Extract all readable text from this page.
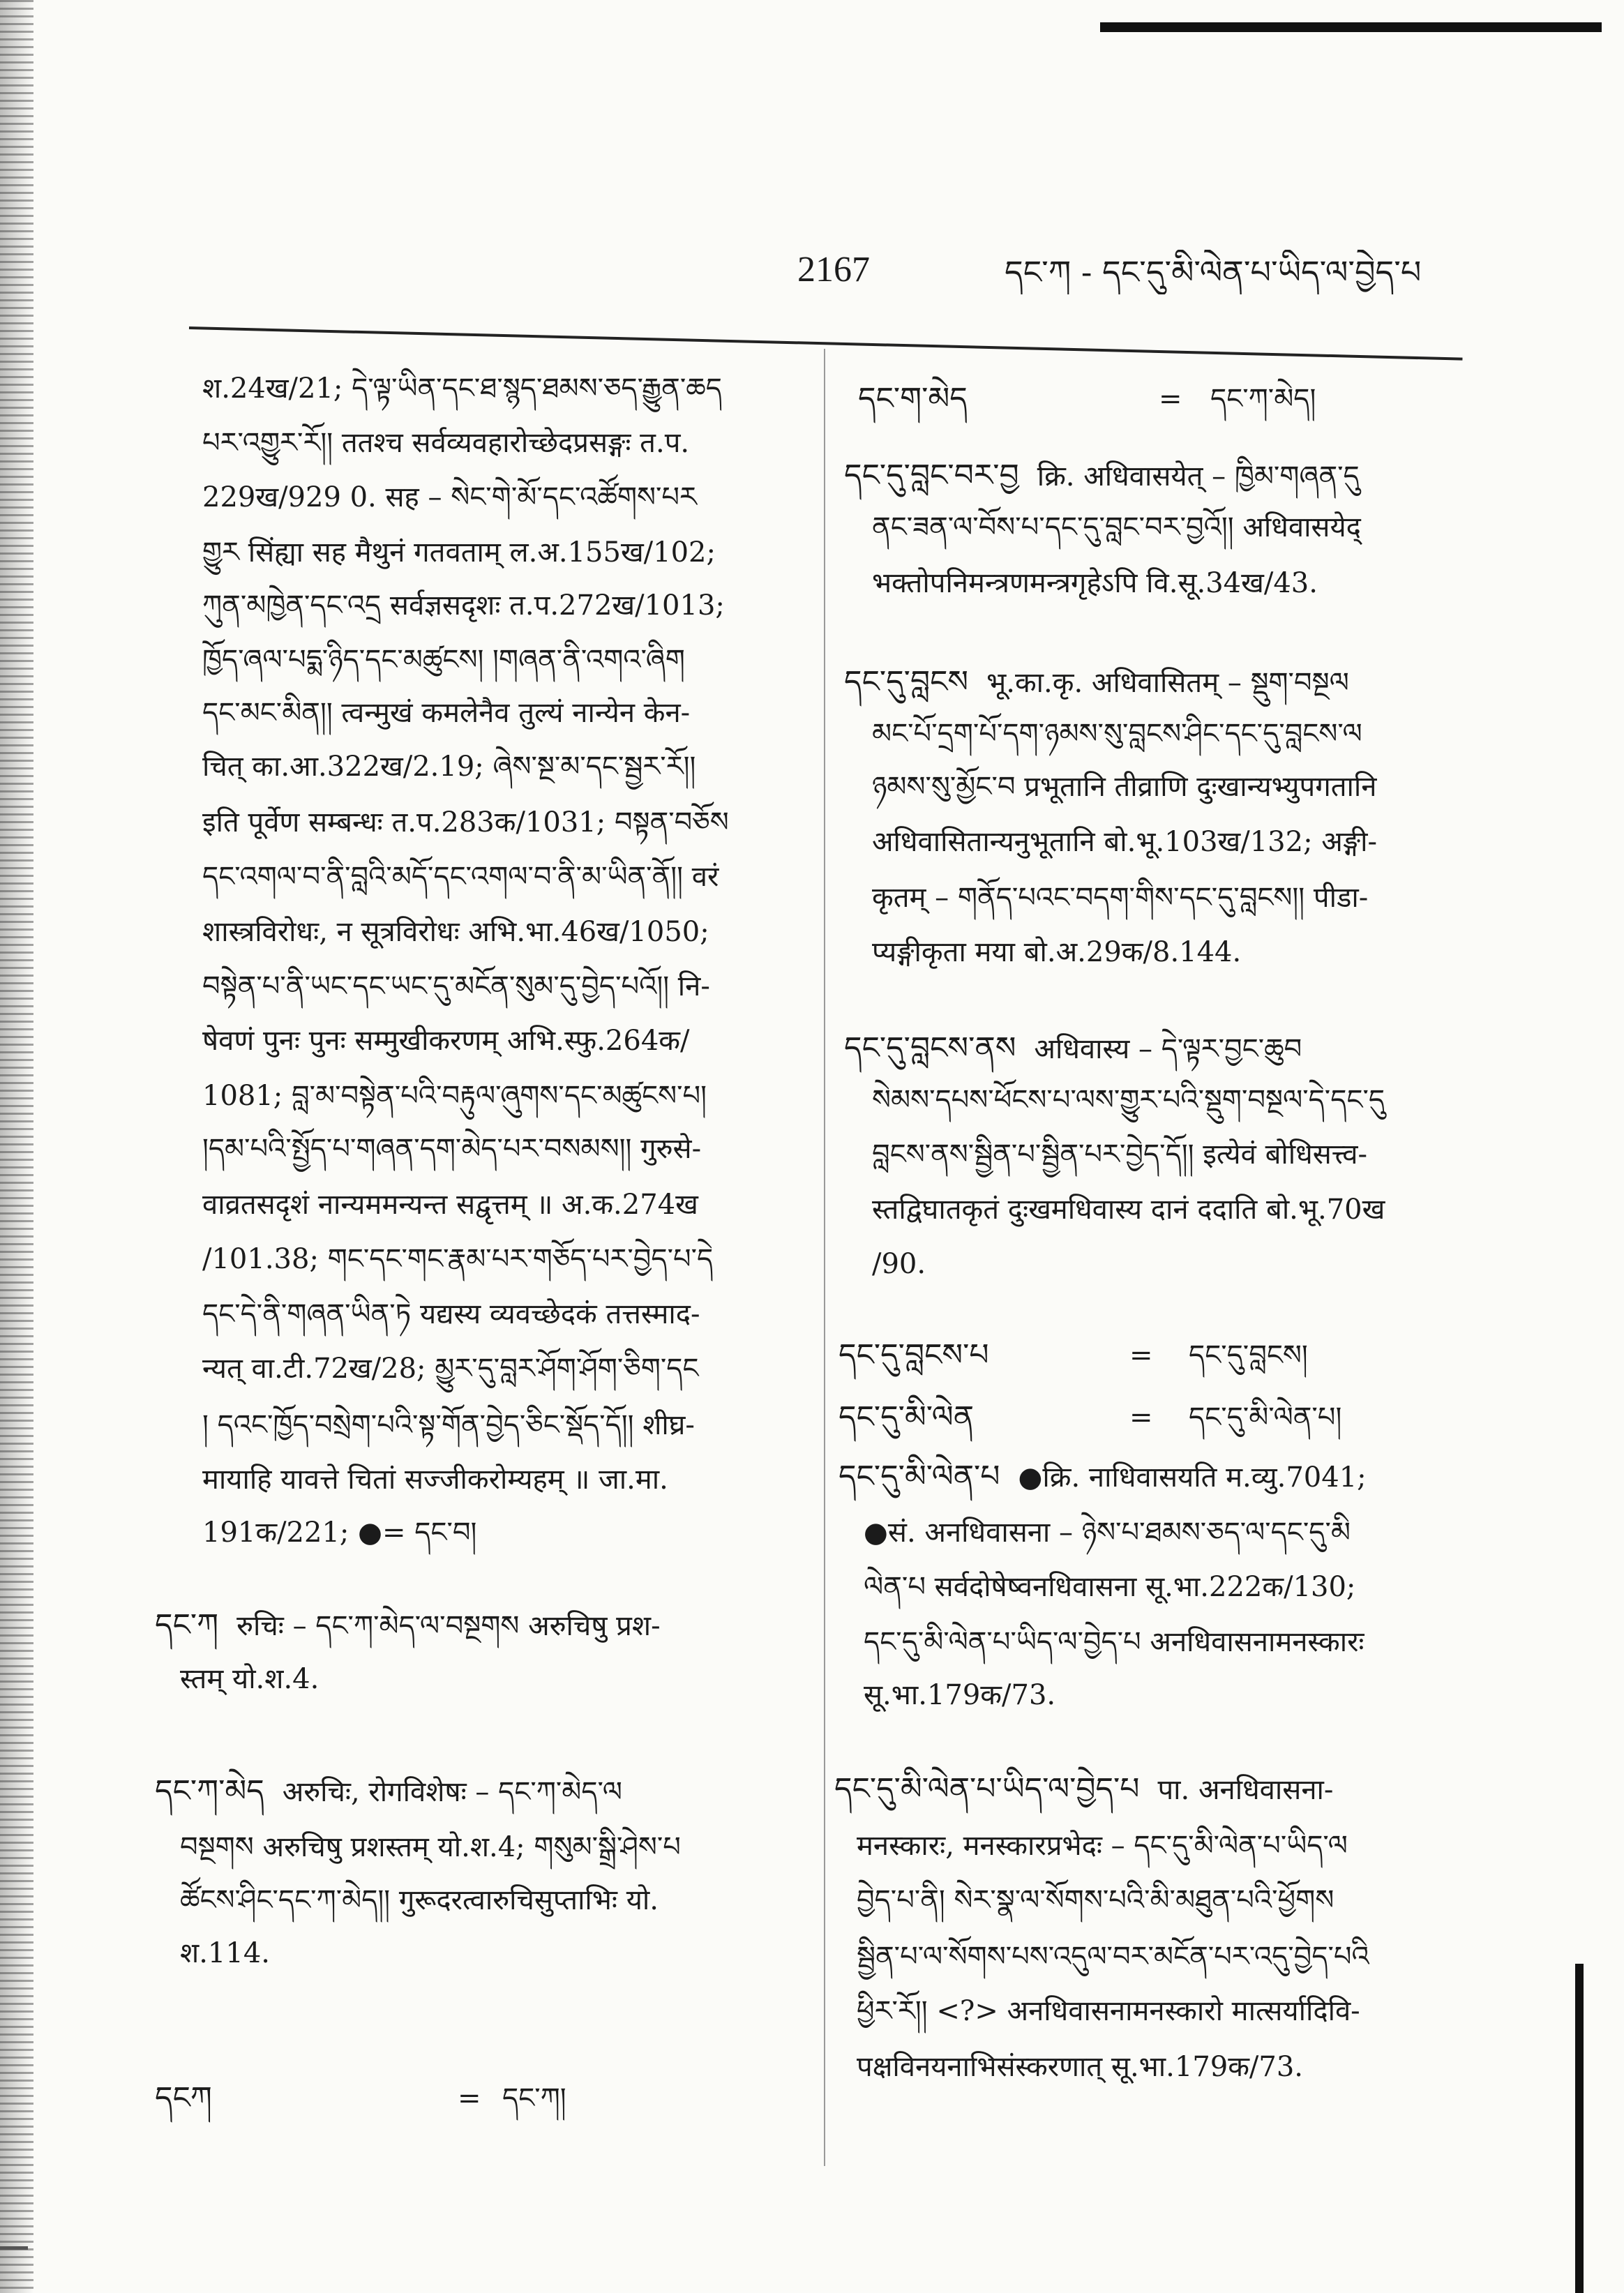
2167	དང་ཀ - དང་དུ་མི་ལེན་པ་ཡིད་ལ་བྱེད་པ
श.24ख/21; དེ་ལྟ་ཡིན་དང་ཐ་སྙད་ཐམས་ཅད་རྒྱུན་ཆད
པར་འགྱུར་རོ།། ततश्च सर्वव्यवहारोच्छेदप्रसङ्गः त.प.
229ख/929 0. सह – སེང་གེ་མོ་དང་འཚོགས་པར
གྱུར सिंह्या सह मैथुनं गतवताम् ल.अ.155ख/102;
ཀུན་མཁྱེན་དང་འདྲ सर्वज्ञसदृशः त.प.272ख/1013;
ཁྱོད་ཞལ་པདྨ་ཉིད་དང་མཚུངས། །གཞན་ནི་འགའ་ཞིག
དང་མང་མིན།། त्वन्मुखं कमलेनैव तुल्यं नान्येन केन-
चित् का.आ.322ख/2.19; ཞེས་སྔ་མ་དང་སྦྱར་རོ།།
इति पूर्वेण सम्बन्धः त.प.283क/1031; བསྟན་བཅོས
དང་འགལ་བ་ནི་བླའི་མདོ་དང་འགལ་བ་ནི་མ་ཡིན་ནོ།། वरं
शास्त्रविरोधः, न सूत्रविरोधः अभि.भा.46ख/1050;
བསྟེན་པ་ནི་ཡང་དང་ཡང་དུ་མངོན་སུམ་དུ་བྱེད་པའོ།། नि-
षेवणं पुनः पुनः सम्मुखीकरणम् अभि.स्फु.264क/
1081; བླ་མ་བསྟེན་པའི་བརྟུལ་ཞུགས་དང་མཚུངས་པ།
།དམ་པའི་སྤྱོད་པ་གཞན་དག་མེད་པར་བསམས།། गुरुसे-
वाव्रतसदृशं नान्यममन्यन्त सद्वृत्तम् ॥ अ.क.274ख
/101.38; གང་དང་གང་རྣམ་པར་གཅོད་པར་བྱེད་པ་དེ
དང་དེ་ནི་གཞན་ཡིན་ཏེ यद्यस्य व्यवच्छेदकं तत्तस्माद-
न्यत् वा.टी.72ख/28; མྱུར་དུ་བླར་ཤོག་ཤོག་ཅིག་དང
། དའང་ཁྱོད་བསྲེག་པའི་སྟ་གོན་བྱེད་ཅིང་སྡོད་དོ།། शीघ्र-
मायाहि यावत्ते चितां सज्जीकरोम्यहम् ॥ जा.मा.
191क/221; ●= དང་བ།
དང་ཀ रुचिः – དང་ཀ་མེད་ལ་བསྔགས अरुचिषु प्रश-
स्तम् यो.श.4.
དང་ཀ་མེད अरुचिः, रोगविशेषः – དང་ཀ་མེད་ལ
བསྔགས अरुचिषु प्रशस्तम् यो.श.4; གསུམ་སྒྲི་ཤེས་པ
ཚོངས་ཤིང་དང་ཀ་མེད།། गुरूदरत्वारुचिसुप्ताभिः यो.
श.114.
དངཀ	= དང་ཀ།
དང་ག་མེད	=	དང་ཀ་མེད།
དང་དུ་བླང་བར་བྱ क्रि. अधिवासयेत् – ཁྱིམ་གཞན་དུ
ནང་ཟན་ལ་བོས་པ་དང་དུ་བླང་བར་བྱའོ།། अधिवासयेद्
भक्तोपनिमन्त्रणमन्त्रगृहेऽपि वि.सू.34ख/43.
དང་དུ་བླངས भू.का.कृ. अधिवासितम् – སྡུག་བསྔལ
མང་པོ་དྲག་པོ་དག་ཉམས་སུ་བླངས་ཤིང་དང་དུ་བླངས་ལ
ཉམས་སུ་མྱོང་བ प्रभूतानि तीव्राणि दुःखान्यभ्युपगतानि
अधिवासितान्यनुभूतानि बो.भू.103ख/132; अङ्गी-
कृतम् – གནོད་པའང་བདག་གིས་དང་དུ་བླངས།། पीडा-
प्यङ्गीकृता मया बो.अ.29क/8.144.
དང་དུ་བླངས་ནས अधिवास्य – དེ་ལྟར་བྱང་ཆུབ
སེམས་དཔས་ཕོངས་པ་ལས་གྱུར་པའི་སྡུག་བསྔལ་དེ་དང་དུ
བླངས་ནས་སྦྱིན་པ་སྦྱིན་པར་བྱེད་དོ།། इत्येवं बोधिसत्त्व-
स्तद्विघातकृतं दुःखमधिवास्य दानं ददाति बो.भू.70ख
/90.
དང་དུ་བླངས་པ	=	དང་དུ་བླངས།
དང་དུ་མི་ལེན	=	དང་དུ་མི་ལེན་པ།
དང་དུ་མི་ལེན་པ ●क्रि. नाधिवासयति म.व्यु.7041;
●सं. अनधिवासना – ཉེས་པ་ཐམས་ཅད་ལ་དང་དུ་མི
ལེན་པ सर्वदोषेष्वनधिवासना सू.भा.222क/130;
དང་དུ་མི་ལེན་པ་ཡིད་ལ་བྱེད་པ अनधिवासनामनस्कारः
सू.भा.179क/73.
དང་དུ་མི་ལེན་པ་ཡིད་ལ་བྱེད་པ पा. अनधिवासना-
मनस्कारः, मनस्कारप्रभेदः – དང་དུ་མི་ལེན་པ་ཡིད་ལ
བྱེད་པ་ནི། སེར་སྣ་ལ་སོགས་པའི་མི་མཐུན་པའི་ཕྱོགས
སྦྱིན་པ་ལ་སོགས་པས་འདུལ་བར་མངོན་པར་འདུ་བྱེད་པའི
ཕྱིར་རོ།། <?> अनधिवासनामनस्कारो मात्सर्यादिवि-
पक्षविनयनाभिसंस्करणात् सू.भा.179क/73.
